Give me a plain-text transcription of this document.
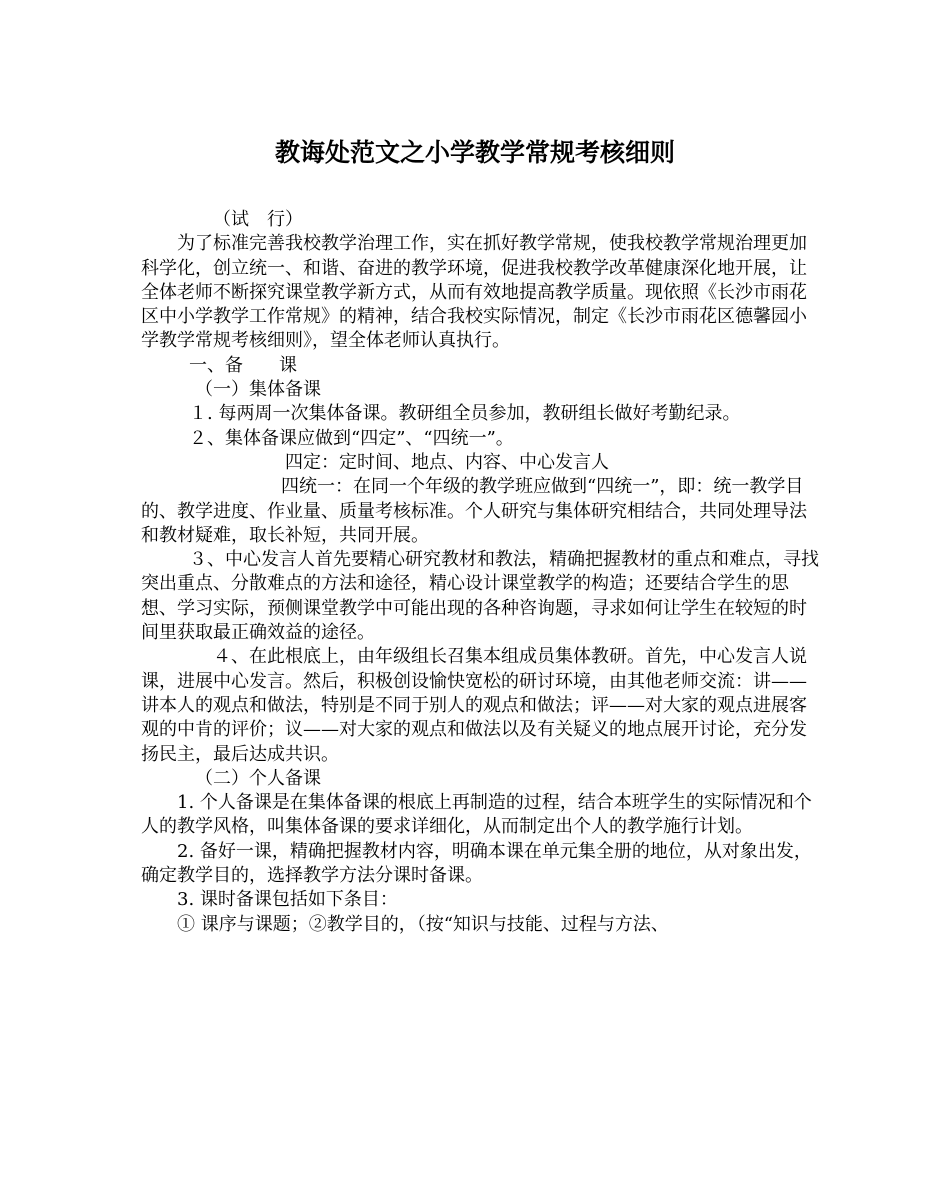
教诲处范文之小学教学常规考核细则

（试　行）

为了标准完善我校教学治理工作，实在抓好教学常规，使我校教学常规治理更加科学化，创立统一、和谐、奋进的教学环境，促进我校教学改革健康深化地开展，让全体老师不断探究课堂教学新方式，从而有效地提高教学质量。现依照《长沙市雨花区中小学教学工作常规》的精神，结合我校实际情况，制定《长沙市雨花区德馨园小学教学常规考核细则》，望全体老师认真执行。

一、备　　课

（一）集体备课

１. 每两周一次集体备课。教研组全员参加，教研组长做好考勤纪录。

２、集体备课应做到“四定”、“四统一”。

四定：定时间、地点、内容、中心发言人

四统一：在同一个年级的教学班应做到“四统一”，即：统一教学目的、教学进度、作业量、质量考核标准。个人研究与集体研究相结合，共同处理导法和教材疑难，取长补短，共同开展。

３、中心发言人首先要精心研究教材和教法，精确把握教材的重点和难点，寻找突出重点、分散难点的方法和途径，精心设计课堂教学的构造；还要结合学生的思想、学习实际，预侧课堂教学中可能出现的各种咨询题，寻求如何让学生在较短的时间里获取最正确效益的途径。

４、在此根底上，由年级组长召集本组成员集体教研。首先，中心发言人说课，进展中心发言。然后，积极创设愉快宽松的研讨环境，由其他老师交流：讲——讲本人的观点和做法，特别是不同于别人的观点和做法；评——对大家的观点进展客观的中肯的评价；议——对大家的观点和做法以及有关疑义的地点展开讨论，充分发扬民主，最后达成共识。

（二）个人备课

1. 个人备课是在集体备课的根底上再制造的过程，结合本班学生的实际情况和个人的教学风格，叫集体备课的要求详细化，从而制定出个人的教学施行计划。

2. 备好一课，精确把握教材内容，明确本课在单元集全册的地位，从对象出发，确定教学目的，选择教学方法分课时备课。

3. 课时备课包括如下条目：

① 课序与课题；②教学目的，（按“知识与技能、过程与方法、
